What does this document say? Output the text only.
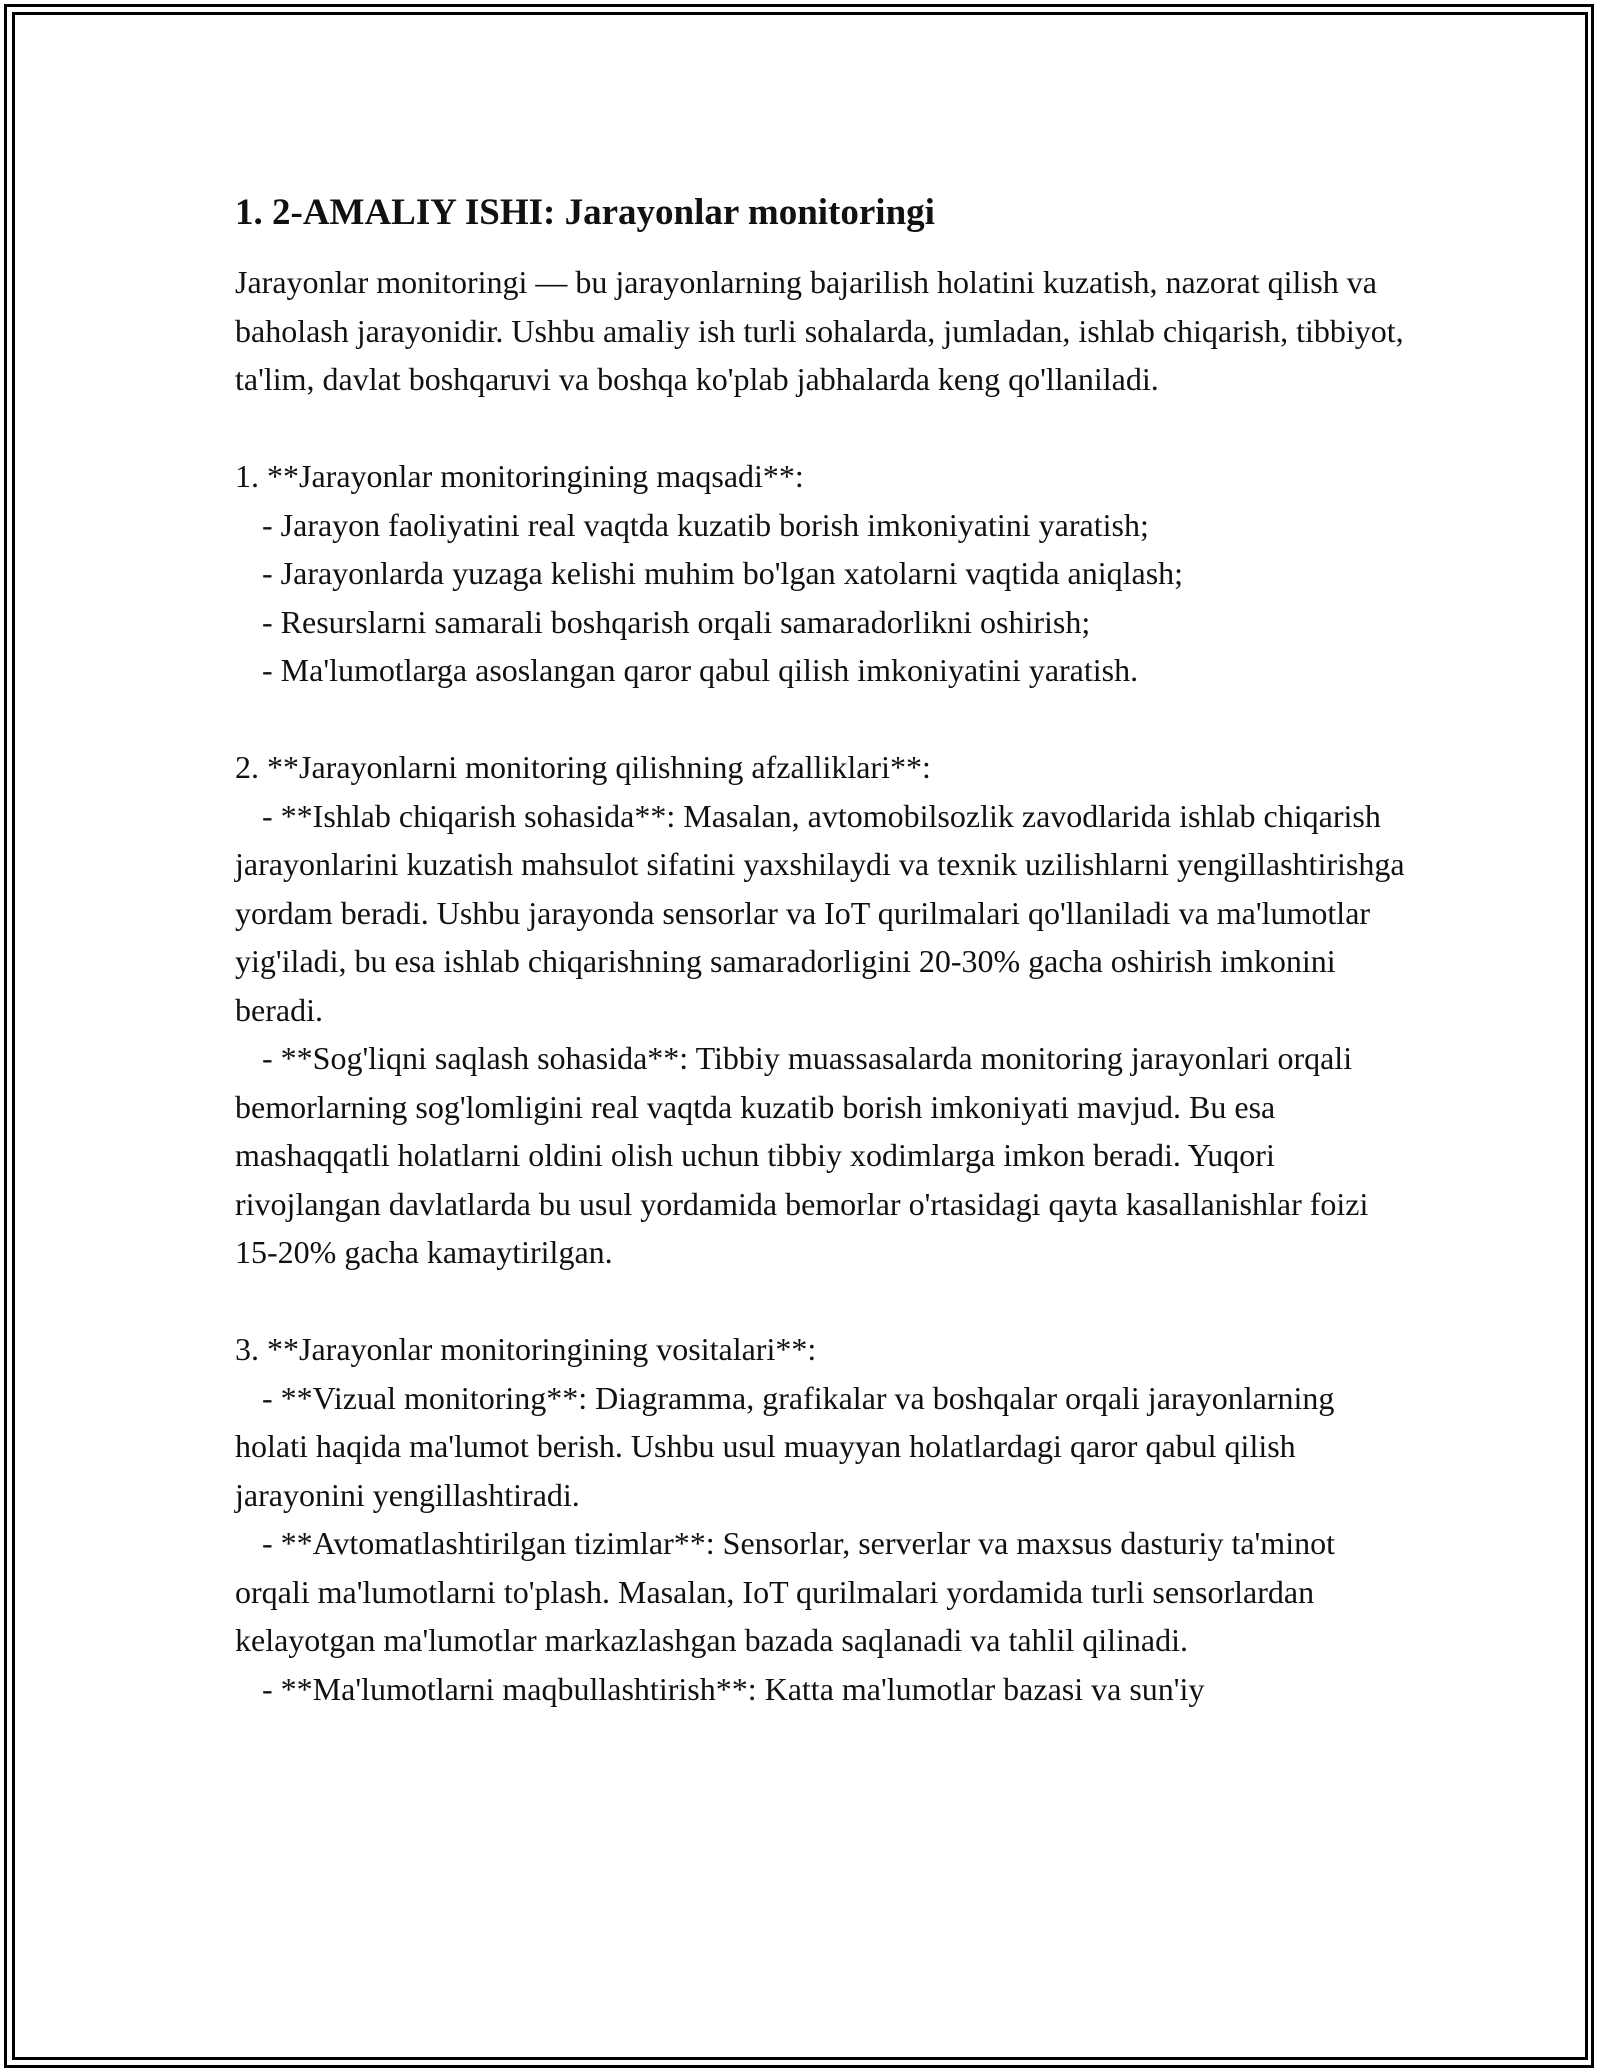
1. 2-AMALIY ISHI: Jarayonlar monitoringi

Jarayonlar monitoringi — bu jarayonlarning bajarilish holatini kuzatish, nazorat qilish va baholash jarayonidir. Ushbu amaliy ish turli sohalarda, jumladan, ishlab chiqarish, tibbiyot, ta'lim, davlat boshqaruvi va boshqa ko'plab jabhalarda keng qo'llaniladi.

1. **Jarayonlar monitoringining maqsadi**:

- Jarayon faoliyatini real vaqtda kuzatib borish imkoniyatini yaratish;

- Jarayonlarda yuzaga kelishi muhim bo'lgan xatolarni vaqtida aniqlash;

- Resurslarni samarali boshqarish orqali samaradorlikni oshirish;

- Ma'lumotlarga asoslangan qaror qabul qilish imkoniyatini yaratish.

2. **Jarayonlarni monitoring qilishning afzalliklari**:

- **Ishlab chiqarish sohasida**: Masalan, avtomobilsozlik zavodlarida ishlab chiqarish jarayonlarini kuzatish mahsulot sifatini yaxshilaydi va texnik uzilishlarni yengillashtirishga yordam beradi. Ushbu jarayonda sensorlar va IoT qurilmalari qo'llaniladi va ma'lumotlar yig'iladi, bu esa ishlab chiqarishning samaradorligini 20-30% gacha oshirish imkonini beradi.

- **Sog'liqni saqlash sohasida**: Tibbiy muassasalarda monitoring jarayonlari orqali bemorlarning sog'lomligini real vaqtda kuzatib borish imkoniyati mavjud. Bu esa mashaqqatli holatlarni oldini olish uchun tibbiy xodimlarga imkon beradi. Yuqori rivojlangan davlatlarda bu usul yordamida bemorlar o'rtasidagi qayta kasallanishlar foizi 15-20% gacha kamaytirilgan.

3. **Jarayonlar monitoringining vositalari**:

- **Vizual monitoring**: Diagramma, grafikalar va boshqalar orqali jarayonlarning holati haqida ma'lumot berish. Ushbu usul muayyan holatlardagi qaror qabul qilish jarayonini yengillashtiradi.

- **Avtomatlashtirilgan tizimlar**: Sensorlar, serverlar va maxsus dasturiy ta'minot orqali ma'lumotlarni to'plash. Masalan, IoT qurilmalari yordamida turli sensorlardan kelayotgan ma'lumotlar markazlashgan bazada saqlanadi va tahlil qilinadi.

- **Ma'lumotlarni maqbullashtirish**: Katta ma'lumotlar bazasi va sun'iy
